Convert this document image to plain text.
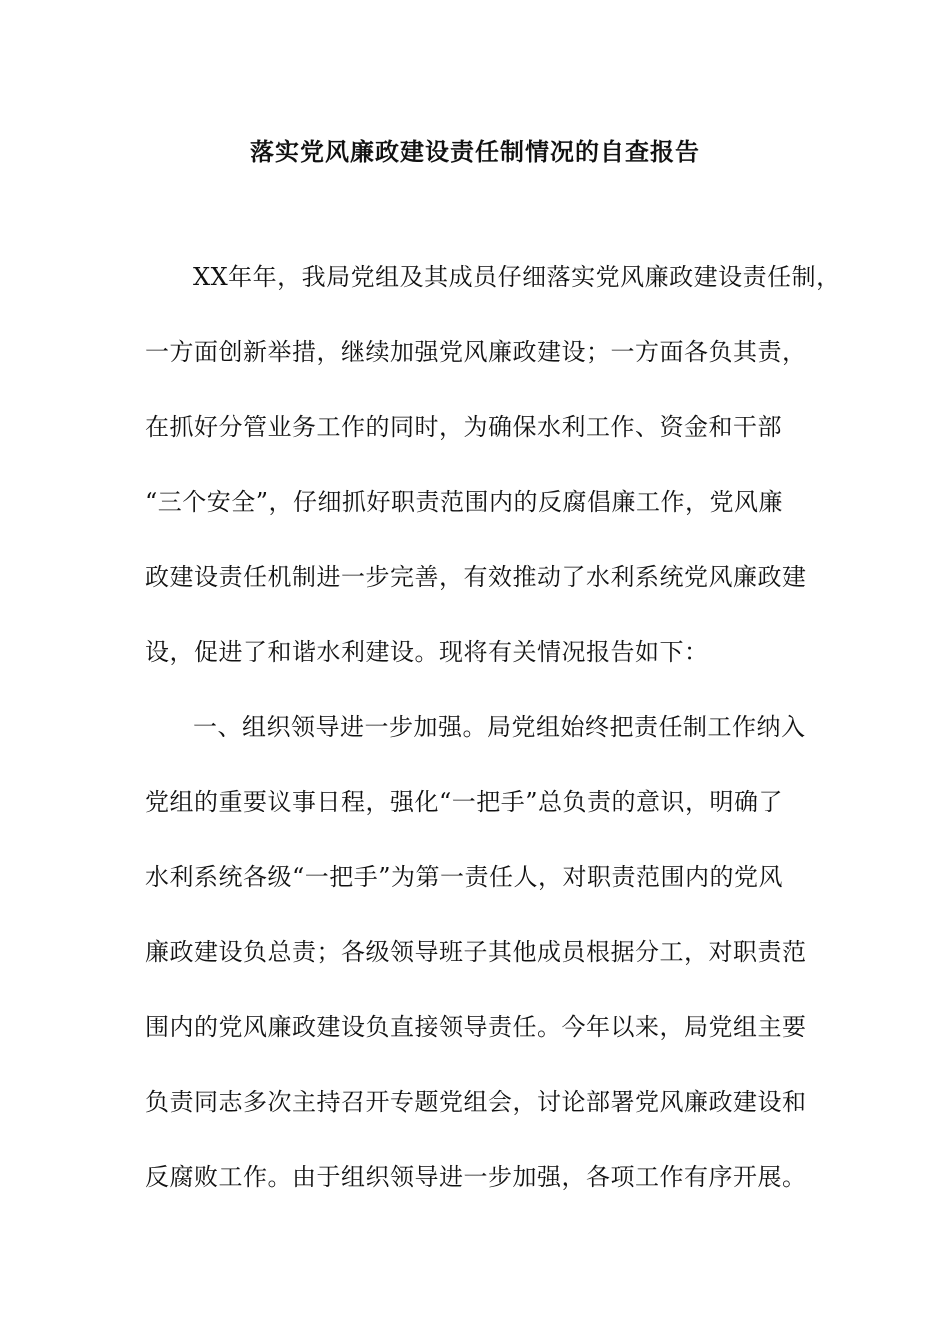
落实党风廉政建设责任制情况的自查报告

XX年年，我局党组及其成员仔细落实党风廉政建设责任制，

一方面创新举措，继续加强党风廉政建设；一方面各负其责，

在抓好分管业务工作的同时，为确保水利工作、资金和干部

“三个安全”，仔细抓好职责范围内的反腐倡廉工作，党风廉

政建设责任机制进一步完善，有效推动了水利系统党风廉政建

设，促进了和谐水利建设。现将有关情况报告如下：

一、组织领导进一步加强。局党组始终把责任制工作纳入

党组的重要议事日程，强化“一把手”总负责的意识，明确了

水利系统各级“一把手”为第一责任人，对职责范围内的党风

廉政建设负总责；各级领导班子其他成员根据分工，对职责范

围内的党风廉政建设负直接领导责任。今年以来，局党组主要

负责同志多次主持召开专题党组会，讨论部署党风廉政建设和

反腐败工作。由于组织领导进一步加强，各项工作有序开展。
